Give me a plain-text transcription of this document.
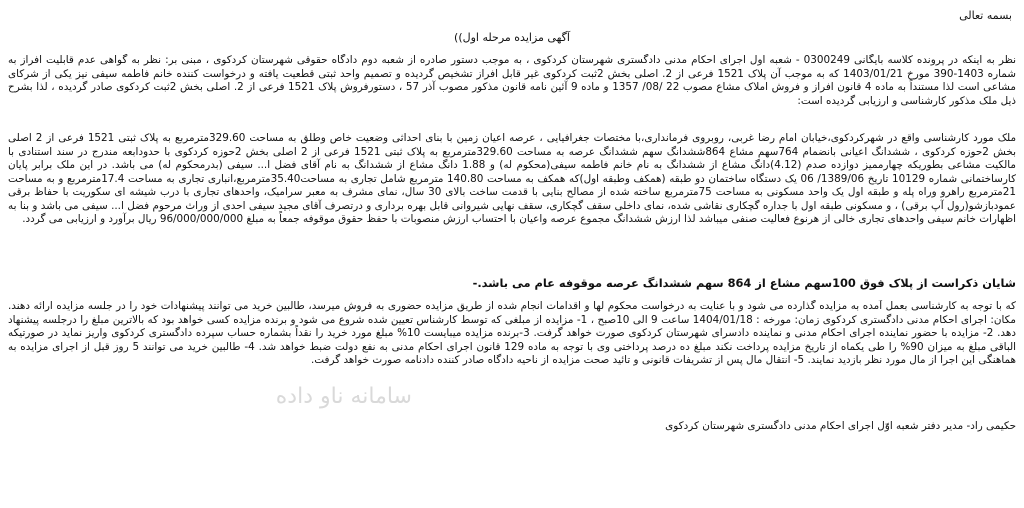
بسمه تعالی
آگهی مزایده مرحله اول))

نظر به اینکه در پرونده کلاسه بایگانی 0300249 - شعبه اول اجرای احکام مدنی دادگستری شهرستان کردکوی ، به موجب دستور صادره از شعبه دوم دادگاه حقوقی شهرستان کردکوی ، مبنی بر: نظر به گواهی عدم قابلیت افراز به شماره 1403-390 مورخ 1403/01/21 که به موجب آن پلاک 1521 فرعی از 2. اصلی بخش 2ثبت کردکوی غیر قابل افراز تشخیص گردیده و تصمیم واحد ثبتی قطعیت یافته و درخواست کننده خانم فاطمه سیفی نیز یکی از شرکای مشاعی است لذا مستنداً به ماده 4 قانون افراز و فروش املاک مشاع مصوب 22 /08/ 1357 و ماده 9 آئین نامه قانون مذکور مصوب آذر 57 ، دستورفروش پلاک 1521 فرعی از 2. اصلی بخش 2ثبت کردکوی صادر گردیده ، لذا بشرح ذیل ملک مذکور کارشناسی و ارزیابی گردیده است:

ملک مورد کارشناسی واقع در شهرکردکوی،خیابان امام رضا غربی، روبروی فرمانداری،با مختصات جغرافیایی ، عرصه اعیان زمین با بنای احداثی وضعیت خاص وطلق به مساحت 329.60مترمربع به پلاک ثبتی 1521 فرعی از 2 اصلی بخش 2حوزه کردکوی ، ششدانگ اعیانی بانضمام 764سهم مشاع 864ششدانگ سهم ششدانگ عرصه به مساحت 329.60مترمربع به پلاک ثبتی 1521 فرعی از 2 اصلی بخش 2حوزه کردکوی با حدودابعه مندرج در سند استنادی با مالکیت مشاعی بطوریکه چهارممیز دوازده صدم (4.12)دانگ مشاع از ششدانگ به نام خانم فاطمه سیفی(محکوم له) و 1.88 دانگ مشاع از ششدانگ به نام آقای فضل ا... سیفی (بدرمحکوم له) می باشد. در این ملک برابر پایان کارساختمانی شماره 10129 تاریخ 1389/06/ 06 یک دستگاه ساختمان دو طبقه (همکف وطبقه اول)که همکف به مساحت 140.80 مترمربع شامل تجاری به مساحت35.40مترمربع،انباری تجاری به مساحت 17.4مترمربع و به مساحت 21مترمربع راهرو وراه پله و طبقه اول یک واحد مسکونی به مساحت 75مترمربع ساخته شده از مصالح بنایی با قدمت ساخت بالای 30 سال، نمای مشرف به معبر سرامیک، واحدهای تجاری با درب شیشه ای سکوریت با حفاظ برقی عمودبازشو(رول آپ برقی) ، و مسکونی طبقه اول با جداره گچکاری نقاشی شده، نمای داخلی سقف گچکاری، سقف نهایی شیروانی قابل بهره برداری و درتصرف آقای مجید سیفی احدی از وراث مرحوم فضل ا... سیفی می باشد و بنا به اظهارات خانم سیفی واحدهای تجاری خالی از هرنوع فعالیت صنفی میباشد لذا ارزش ششدانگ مجموع عرصه واعیان با احتساب ارزش منصوبات با حفظ حقوق موقوفه جمعاً به مبلغ 96/000/000/000 ریال برآورد و ارزیابی می گردد.

شایان ذکراست از پلاک فوق 100سهم مشاع از 864 سهم ششدانگ عرصه موقوفه عام می باشد.-

که با توجه به کارشناسی بعمل آمده به مزایده گذارده می شود و با عنایت به درخواست محکوم لها و اقدامات انجام شده از طریق مزایده حضوری به فروش میرسد، طالبین خرید می توانند پیشنهادات خود را در جلسه مزایده ارائه دهند. مکان: اجرای احکام مدنی دادگستری کردکوی زمان: مورخه : 1404/01/18 ساعت 9 الی 10صبح ، 1- مزایده از مبلغی که توسط کارشناس تعیین شده شروع می شود و برنده مزایده کسی خواهد بود که بالاترین مبلغ را درجلسه پیشنهاد دهد. 2- مزایده با حضور نماینده اجرای احکام مدنی و نماینده دادسرای شهرستان کردکوی صورت خواهد گرفت. 3-برنده مزایده میبایست 10% مبلغ مورد خرید را نقداً بشماره حساب سپرده دادگستری کردکوی واریز نماید در صورتیکه الباقی مبلغ به میزان 90% را طی یکماه از تاریخ مزایده پرداخت نکند مبلغ ده درصد پرداختی وی با توجه به ماده 129 قانون اجرای احکام مدنی به نفع دولت ضبط خواهد شد. 4- طالبین خرید می توانند 5 روز قبل از اجرای مزایده به هماهنگی این اجرا از مال مورد نظر بازدید نمایند. 5- انتقال مال پس از تشریفات قانونی و تائید صحت مزایده از ناحیه دادگاه صادر کننده دادنامه صورت خواهد گرفت.

حکیمی راد- مدیر دفتر شعبه اوّل اجرای احکام مدنی دادگستری شهرستان کردکوی
سامانه ناو داده
